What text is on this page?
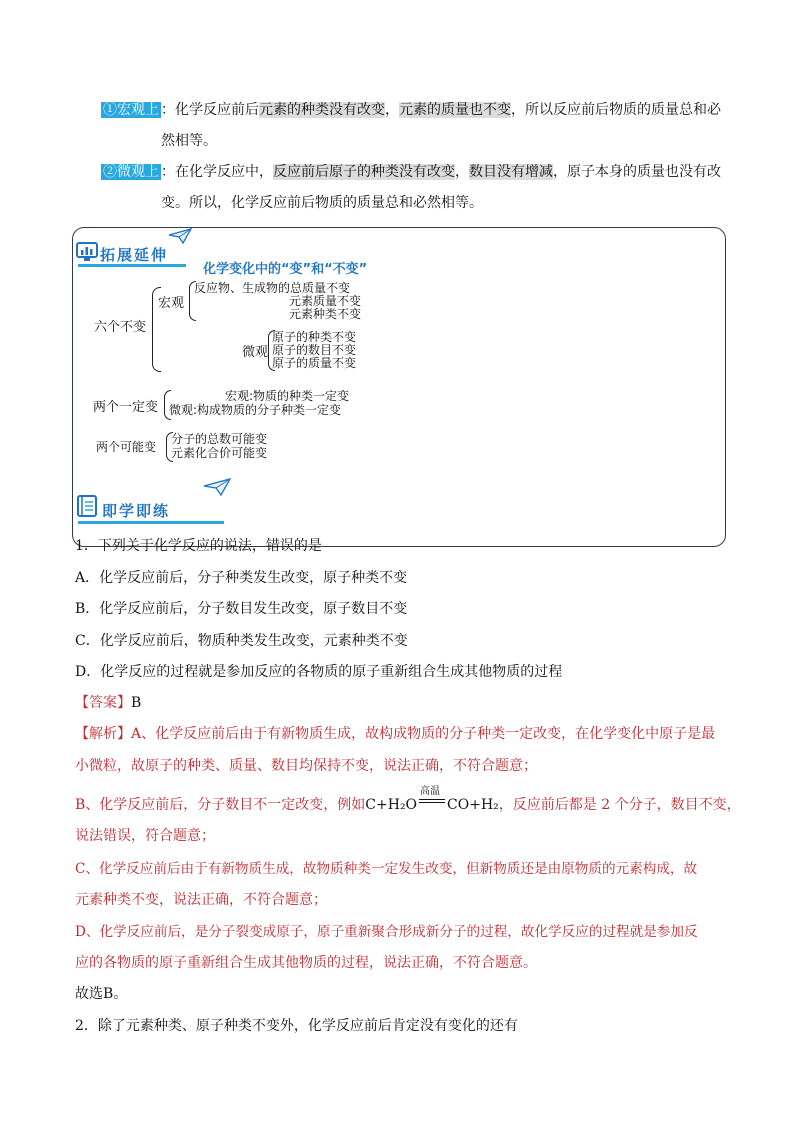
①宏观上 ：化学反应前后元素的种类没有改变，元素的质量也不变，所以反应前后物质的质量总和必
然相等。
②微观上 ：在化学反应中，反应前后原子的种类没有改变，数目没有增减，原子本身的质量也没有改
变。所以，化学反应前后物质的质量总和必然相等。
拓展延伸
化学变化中的“变”和“不变”
六个不变
宏观
反应物、生成物的总质量不变
元素质量不变
元素种类不变
微观
原子的种类不变
原子的数目不变
原子的质量不变
两个一定变
宏观:物质的种类一定变
微观:构成物质的分子种类一定变
两个可能变
分子的总数可能变
元素化合价可能变
即学即练
1．下列关于化学反应的说法，错误的是
A．化学反应前后，分子种类发生改变，原子种类不变
B．化学反应前后，分子数目发生改变，原子数目不变
C．化学反应前后，物质种类发生改变，元素种类不变
D．化学反应的过程就是参加反应的各物质的原子重新组合生成其他物质的过程
【答案】B
【解析】A、化学反应前后由于有新物质生成，故构成物质的分子种类一定改变，在化学变化中原子是最
小微粒，故原子的种类、质量、数目均保持不变，说法正确，不符合题意；
B、化学反应前后，分子数目不一定改变，例如C+H₂O
高温
CO+H₂，反应前后都是 2 个分子，数目不变，
说法错误，符合题意；
C、化学反应前后由于有新物质生成，故物质种类一定发生改变，但新物质还是由原物质的元素构成，故
元素种类不变，说法正确，不符合题意；
D、化学反应前后，是分子裂变成原子，原子重新聚合形成新分子的过程，故化学反应的过程就是参加反
应的各物质的原子重新组合生成其他物质的过程，说法正确，不符合题意。
故选B。
2．除了元素种类、原子种类不变外，化学反应前后肯定没有变化的还有
